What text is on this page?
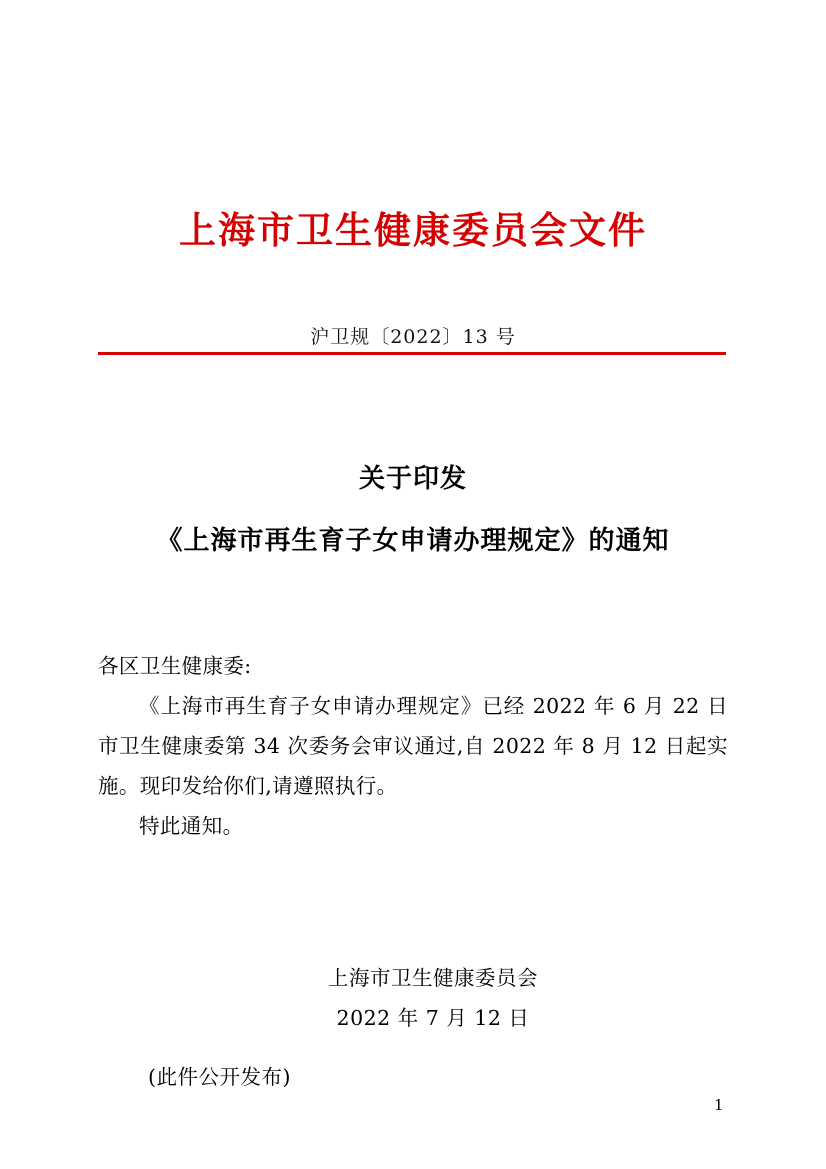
上海市卫生健康委员会文件
沪卫规〔2022〕13 号
关于印发
《上海市再生育子女申请办理规定》的通知

各区卫生健康委:

《上海市再生育子女申请办理规定》已经 2022 年 6 月 22 日市卫生健康委第 34 次委务会审议通过,自 2022 年 8 月 12 日起实施。现印发给你们,请遵照执行。

特此通知。

上海市卫生健康委员会
2022 年 7 月 12 日
(此件公开发布)
1
